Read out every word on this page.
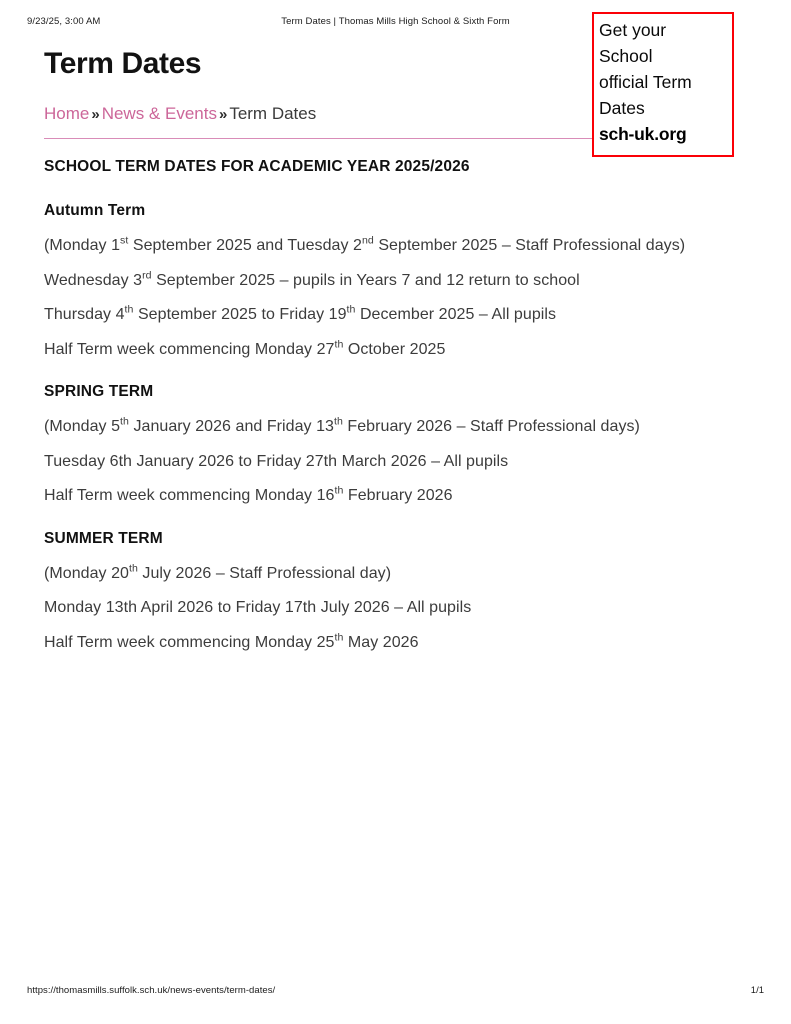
9/23/25, 3:00 AM	Term Dates | Thomas Mills High School & Sixth Form
Term Dates
Home » News & Events » Term Dates
SCHOOL TERM DATES FOR ACADEMIC YEAR 2025/2026
Autumn Term

(Monday 1st September 2025 and Tuesday 2nd September 2025 – Staff Professional days)

Wednesday 3rd September 2025 – pupils in Years 7 and 12 return to school

Thursday 4th September 2025 to Friday 19th December 2025 – All pupils

Half Term week commencing Monday 27th October 2025

SPRING TERM

(Monday 5th January 2026 and Friday 13th February 2026 – Staff Professional days)

Tuesday 6th January 2026 to Friday 27th March 2026 – All pupils

Half Term week commencing Monday 16th February 2026

SUMMER TERM

(Monday 20th July 2026 – Staff Professional day)

Monday 13th April 2026 to Friday 17th July 2026 – All pupils

Half Term week commencing Monday 25th May 2026

Get your

School

official Term

Dates

sch-uk.org

https://thomasmills.suffolk.sch.uk/news-events/term-dates/	1/1
